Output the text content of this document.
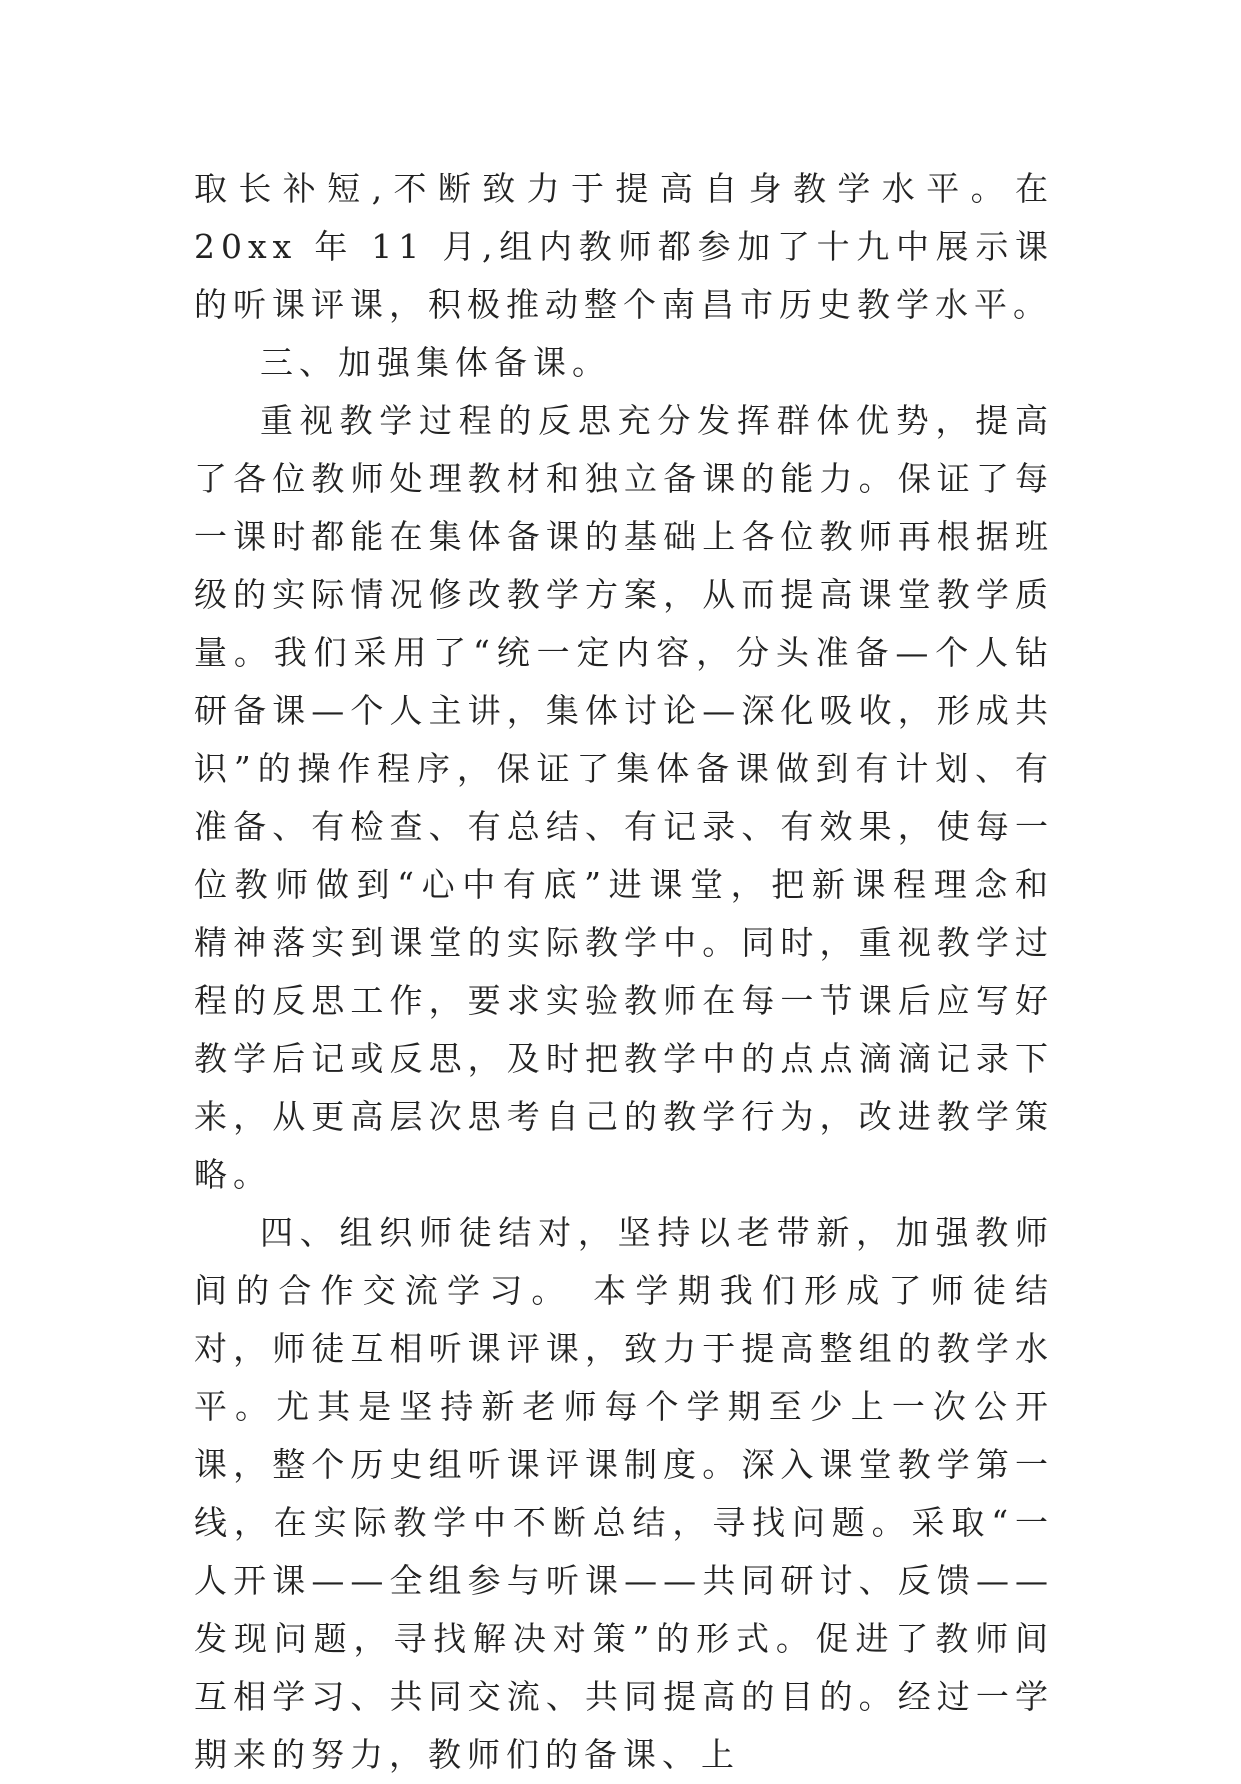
取长补短,不断致力于提高自身教学水平。在 20xx 年 11 月,组内教师都参加了十九中展示课的听课评课，积极推动整个南昌市历史教学水平。

三、加强集体备课。

重视教学过程的反思充分发挥群体优势，提高了各位教师处理教材和独立备课的能力。保证了每一课时都能在集体备课的基础上各位教师再根据班级的实际情况修改教学方案，从而提高课堂教学质量。我们采用了“统一定内容，分头准备—个人钻研备课—个人主讲，集体讨论—深化吸收，形成共识”的操作程序，保证了集体备课做到有计划、有准备、有检查、有总结、有记录、有效果，使每一位教师做到“心中有底”进课堂，把新课程理念和精神落实到课堂的实际教学中。同时，重视教学过程的反思工作，要求实验教师在每一节课后应写好教学后记或反思，及时把教学中的点点滴滴记录下来，从更高层次思考自己的教学行为，改进教学策略。

四、组织师徒结对，坚持以老带新，加强教师间的合作交流学习。 本学期我们形成了师徒结对，师徒互相听课评课，致力于提高整组的教学水平。尤其是坚持新老师每个学期至少上一次公开课，整个历史组听课评课制度。深入课堂教学第一线，在实际教学中不断总结，寻找问题。采取“一人开课——全组参与听课——共同研讨、反馈——发现问题，寻找解决对策”的形式。促进了教师间互相学习、共同交流、共同提高的目的。经过一学期来的努力，教师们的备课、上
